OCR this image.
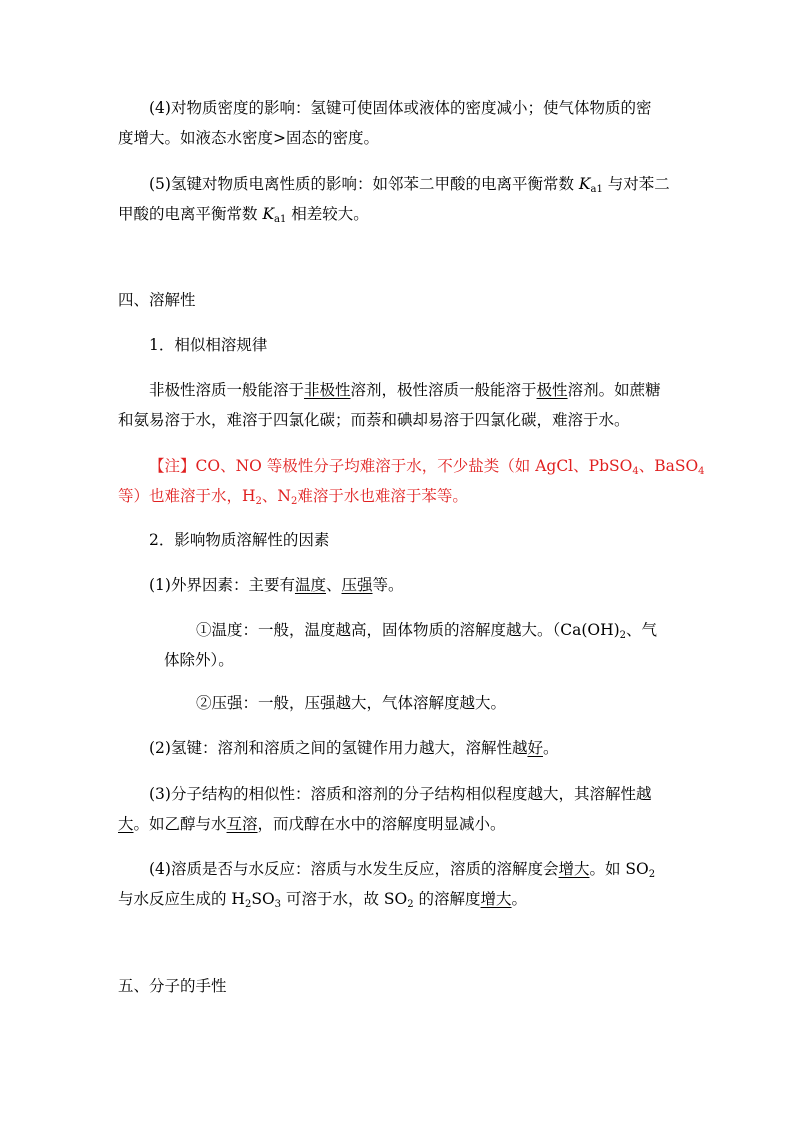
(4)对物质密度的影响：氢键可使固体或液体的密度减小；使气体物质的密
度增大。如液态水密度>固态的密度。
(5)氢键对物质电离性质的影响：如邻苯二甲酸的电离平衡常数 $K_{a1}$ 与对苯二
甲酸的电离平衡常数 $K_{a1}$ 相差较大。
四、溶解性
1．相似相溶规律
非极性溶质一般能溶于非极性溶剂，极性溶质一般能溶于极性溶剂。如蔗糖
和氨易溶于水，难溶于四氯化碳；而萘和碘却易溶于四氯化碳，难溶于水。
【注】CO、NO 等极性分子均难溶于水，不少盐类（如 AgCl、PbSO$_4$、BaSO$_4$
等）也难溶于水，$H_2$、$N_2$难溶于水也难溶于苯等。
2．影响物质溶解性的因素
(1)外界因素：主要有温度、压强等。
①温度：一般，温度越高，固体物质的溶解度越大。（$Ca(OH)_2$、气
体除外）。
②压强：一般，压强越大，气体溶解度越大。
(2)氢键：溶剂和溶质之间的氢键作用力越大，溶解性越好。
(3)分子结构的相似性：溶质和溶剂的分子结构相似程度越大，其溶解性越
大。如乙醇与水互溶，而戊醇在水中的溶解度明显减小。
(4)溶质是否与水反应：溶质与水发生反应，溶质的溶解度会增大。如 $SO_2$
与水反应生成的 $H_2SO_3$ 可溶于水，故 $SO_2$ 的溶解度增大。
五、分子的手性
